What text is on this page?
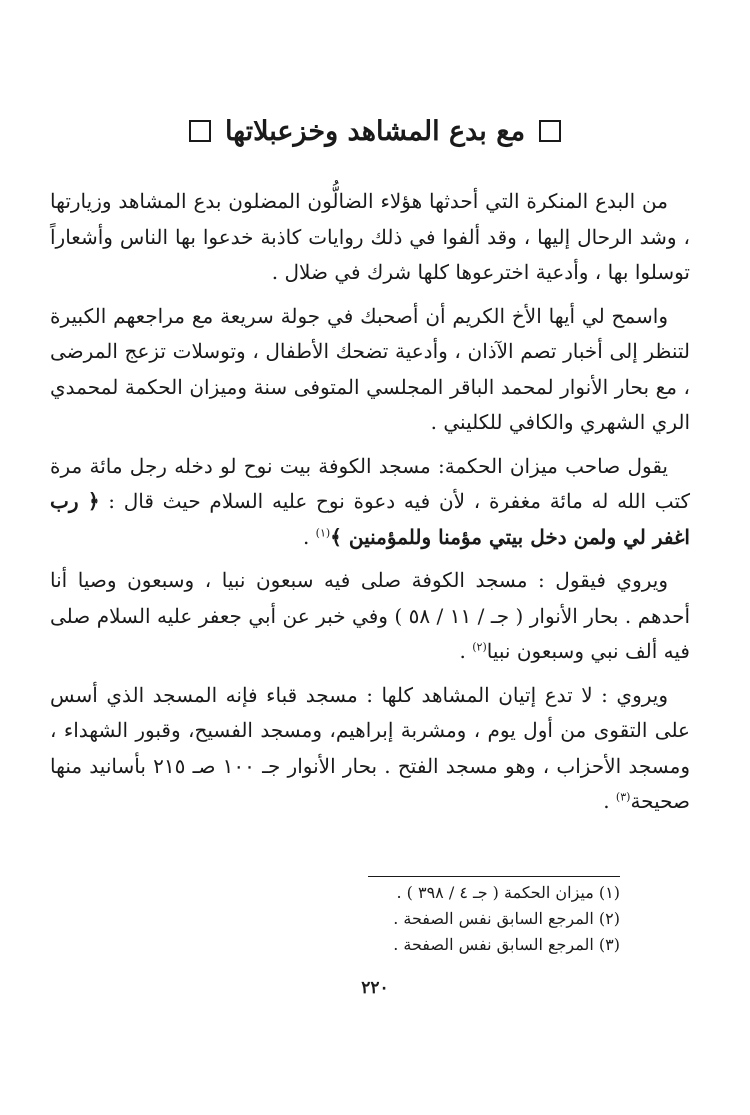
مع بدع المشاهد وخزعبلاتها

من البدع المنكرة التي أحدثها هؤلاء الضالُّون المضلون بدع المشاهد وزيارتها ، وشد الرحال إليها ، وقد ألفوا في ذلك روايات كاذبة خدعوا بها الناس وأشعاراً توسلوا بها ، وأدعية اخترعوها كلها شرك في ضلال .

واسمح لي أيها الأخ الكريم أن أصحبك في جولة سريعة مع مراجعهم الكبيرة لتنظر إلى أخبار تصم الآذان ، وأدعية تضحك الأطفال ، وتوسلات تزعج المرضى ، مع بحار الأنوار لمحمد الباقر المجلسي المتوفى سنة وميزان الحكمة لمحمدي الري الشهري والكافي للكليني .

يقول صاحب ميزان الحكمة: مسجد الكوفة بيت نوح لو دخله رجل مائة مرة كتب الله له مائة مغفرة ، لأن فيه دعوة نوح عليه السلام حيث قال : ﴿ رب اغفر لي ولمن دخل بيتي مؤمنا وللمؤمنين ﴾$^{(١)}$ .

ويروي فيقول : مسجد الكوفة صلى فيه سبعون نبيا ، وسبعون وصيا أنا أحدهم . بحار الأنوار ( جـ / ١١ / ٥٨ ) وفي خبر عن أبي جعفر عليه السلام صلى فيه ألف نبي وسبعون نبيا$^{(٢)}$ .

ويروي : لا تدع إتيان المشاهد كلها : مسجد قباء فإنه المسجد الذي أسس على التقوى من أول يوم ، ومشربة إبراهيم، ومسجد الفسيح، وقبور الشهداء ، ومسجد الأحزاب ، وهو مسجد الفتح . بحار الأنوار جـ ١٠٠ صـ ٢١٥ بأسانيد منها صحيحة$^{(٣)}$ .

(١) ميزان الحكمة ( جـ ٤ / ٣٩٨ ) .

(٢) المرجع السابق نفس الصفحة .

(٣) المرجع السابق نفس الصفحة .

٢٢٠
